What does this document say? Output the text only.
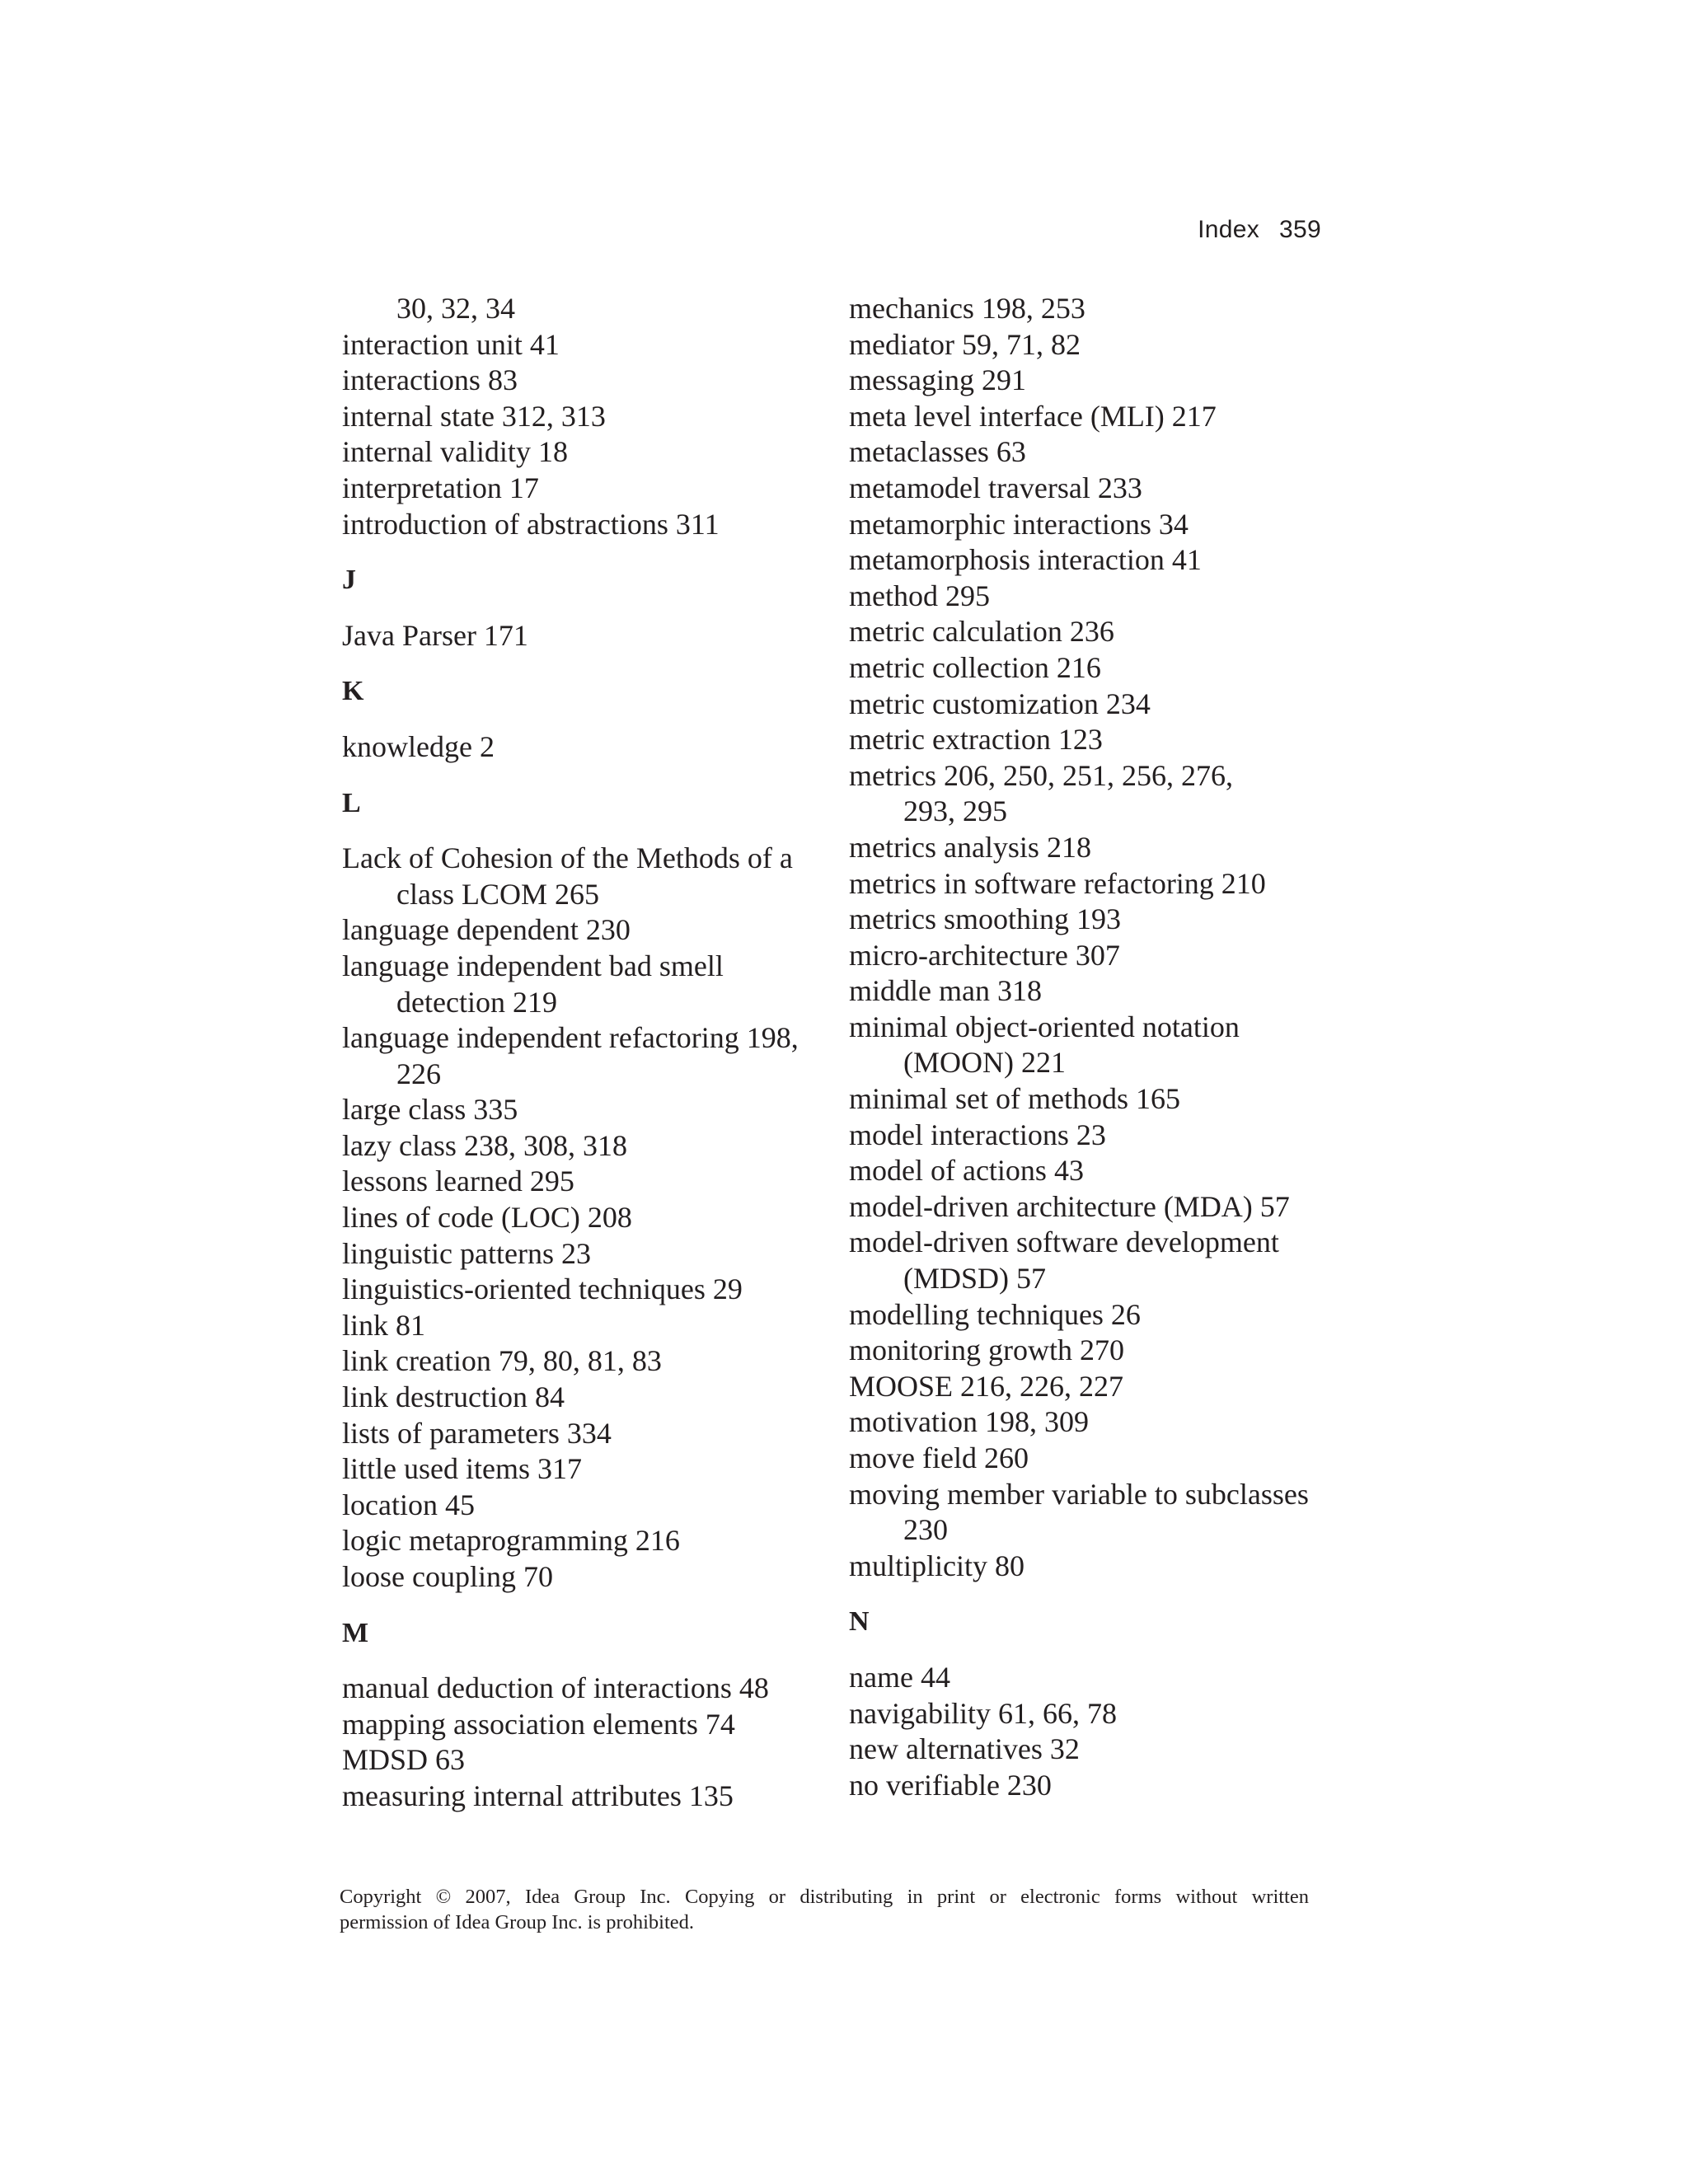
Index 359
30, 32, 34
interaction unit 41
interactions 83
internal state 312, 313
internal validity 18
interpretation 17
introduction of abstractions 311
J
Java Parser 171
K
knowledge 2
L
Lack of Cohesion of the Methods of a
class LCOM 265
language dependent 230
language independent bad smell
detection 219
language independent refactoring 198,
226
large class 335
lazy class 238, 308, 318
lessons learned 295
lines of code (LOC) 208
linguistic patterns 23
linguistics-oriented techniques 29
link 81
link creation 79, 80, 81, 83
link destruction 84
lists of parameters 334
little used items 317
location 45
logic metaprogramming 216
loose coupling 70
M
manual deduction of interactions 48
mapping association elements 74
MDSD 63
measuring internal attributes 135
mechanics 198, 253
mediator 59, 71, 82
messaging 291
meta level interface (MLI) 217
metaclasses 63
metamodel traversal 233
metamorphic interactions 34
metamorphosis interaction 41
method 295
metric calculation 236
metric collection 216
metric customization 234
metric extraction 123
metrics 206, 250, 251, 256, 276,
293, 295
metrics analysis 218
metrics in software refactoring 210
metrics smoothing 193
micro-architecture 307
middle man 318
minimal object-oriented notation
(MOON) 221
minimal set of methods 165
model interactions 23
model of actions 43
model-driven architecture (MDA) 57
model-driven software development
(MDSD) 57
modelling techniques 26
monitoring growth 270
MOOSE 216, 226, 227
motivation 198, 309
move field 260
moving member variable to subclasses
230
multiplicity 80
N
name 44
navigability 61, 66, 78
new alternatives 32
no verifiable 230
Copyright © 2007, Idea Group Inc. Copying or distributing in print or electronic forms without written
permission of Idea Group Inc. is prohibited.
